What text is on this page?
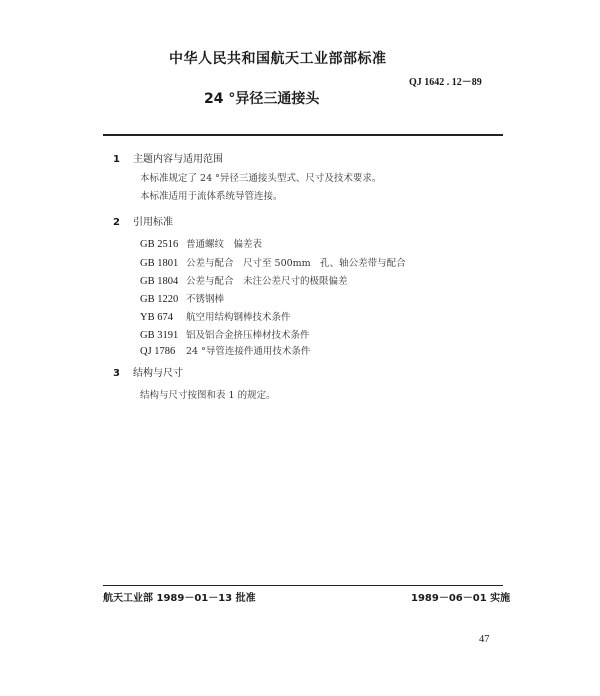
中华人民共和国航天工业部部标准
QJ 1642 . 12－89
24 °异径三通接头
1 主题内容与适用范围
本标准规定了 24 °异径三通接头型式、尺寸及技术要求。
本标准适用于流体系统导管连接。
2 引用标准
GB 2516 普通螺纹　偏差表
GB 1801 公差与配合　尺寸至 500mm　孔、轴公差带与配合
GB 1804 公差与配合　未注公差尺寸的极限偏差
GB 1220 不锈钢棒
YB 674 航空用结构钢棒技术条件
GB 3191 铝及铝合金挤压棒材技术条件
QJ 1786 24 °导管连接件通用技术条件
3 结构与尺寸
结构与尺寸按图和表 1 的规定。
航天工业部 1989－01－13 批准	1989－06－01 实施
47
